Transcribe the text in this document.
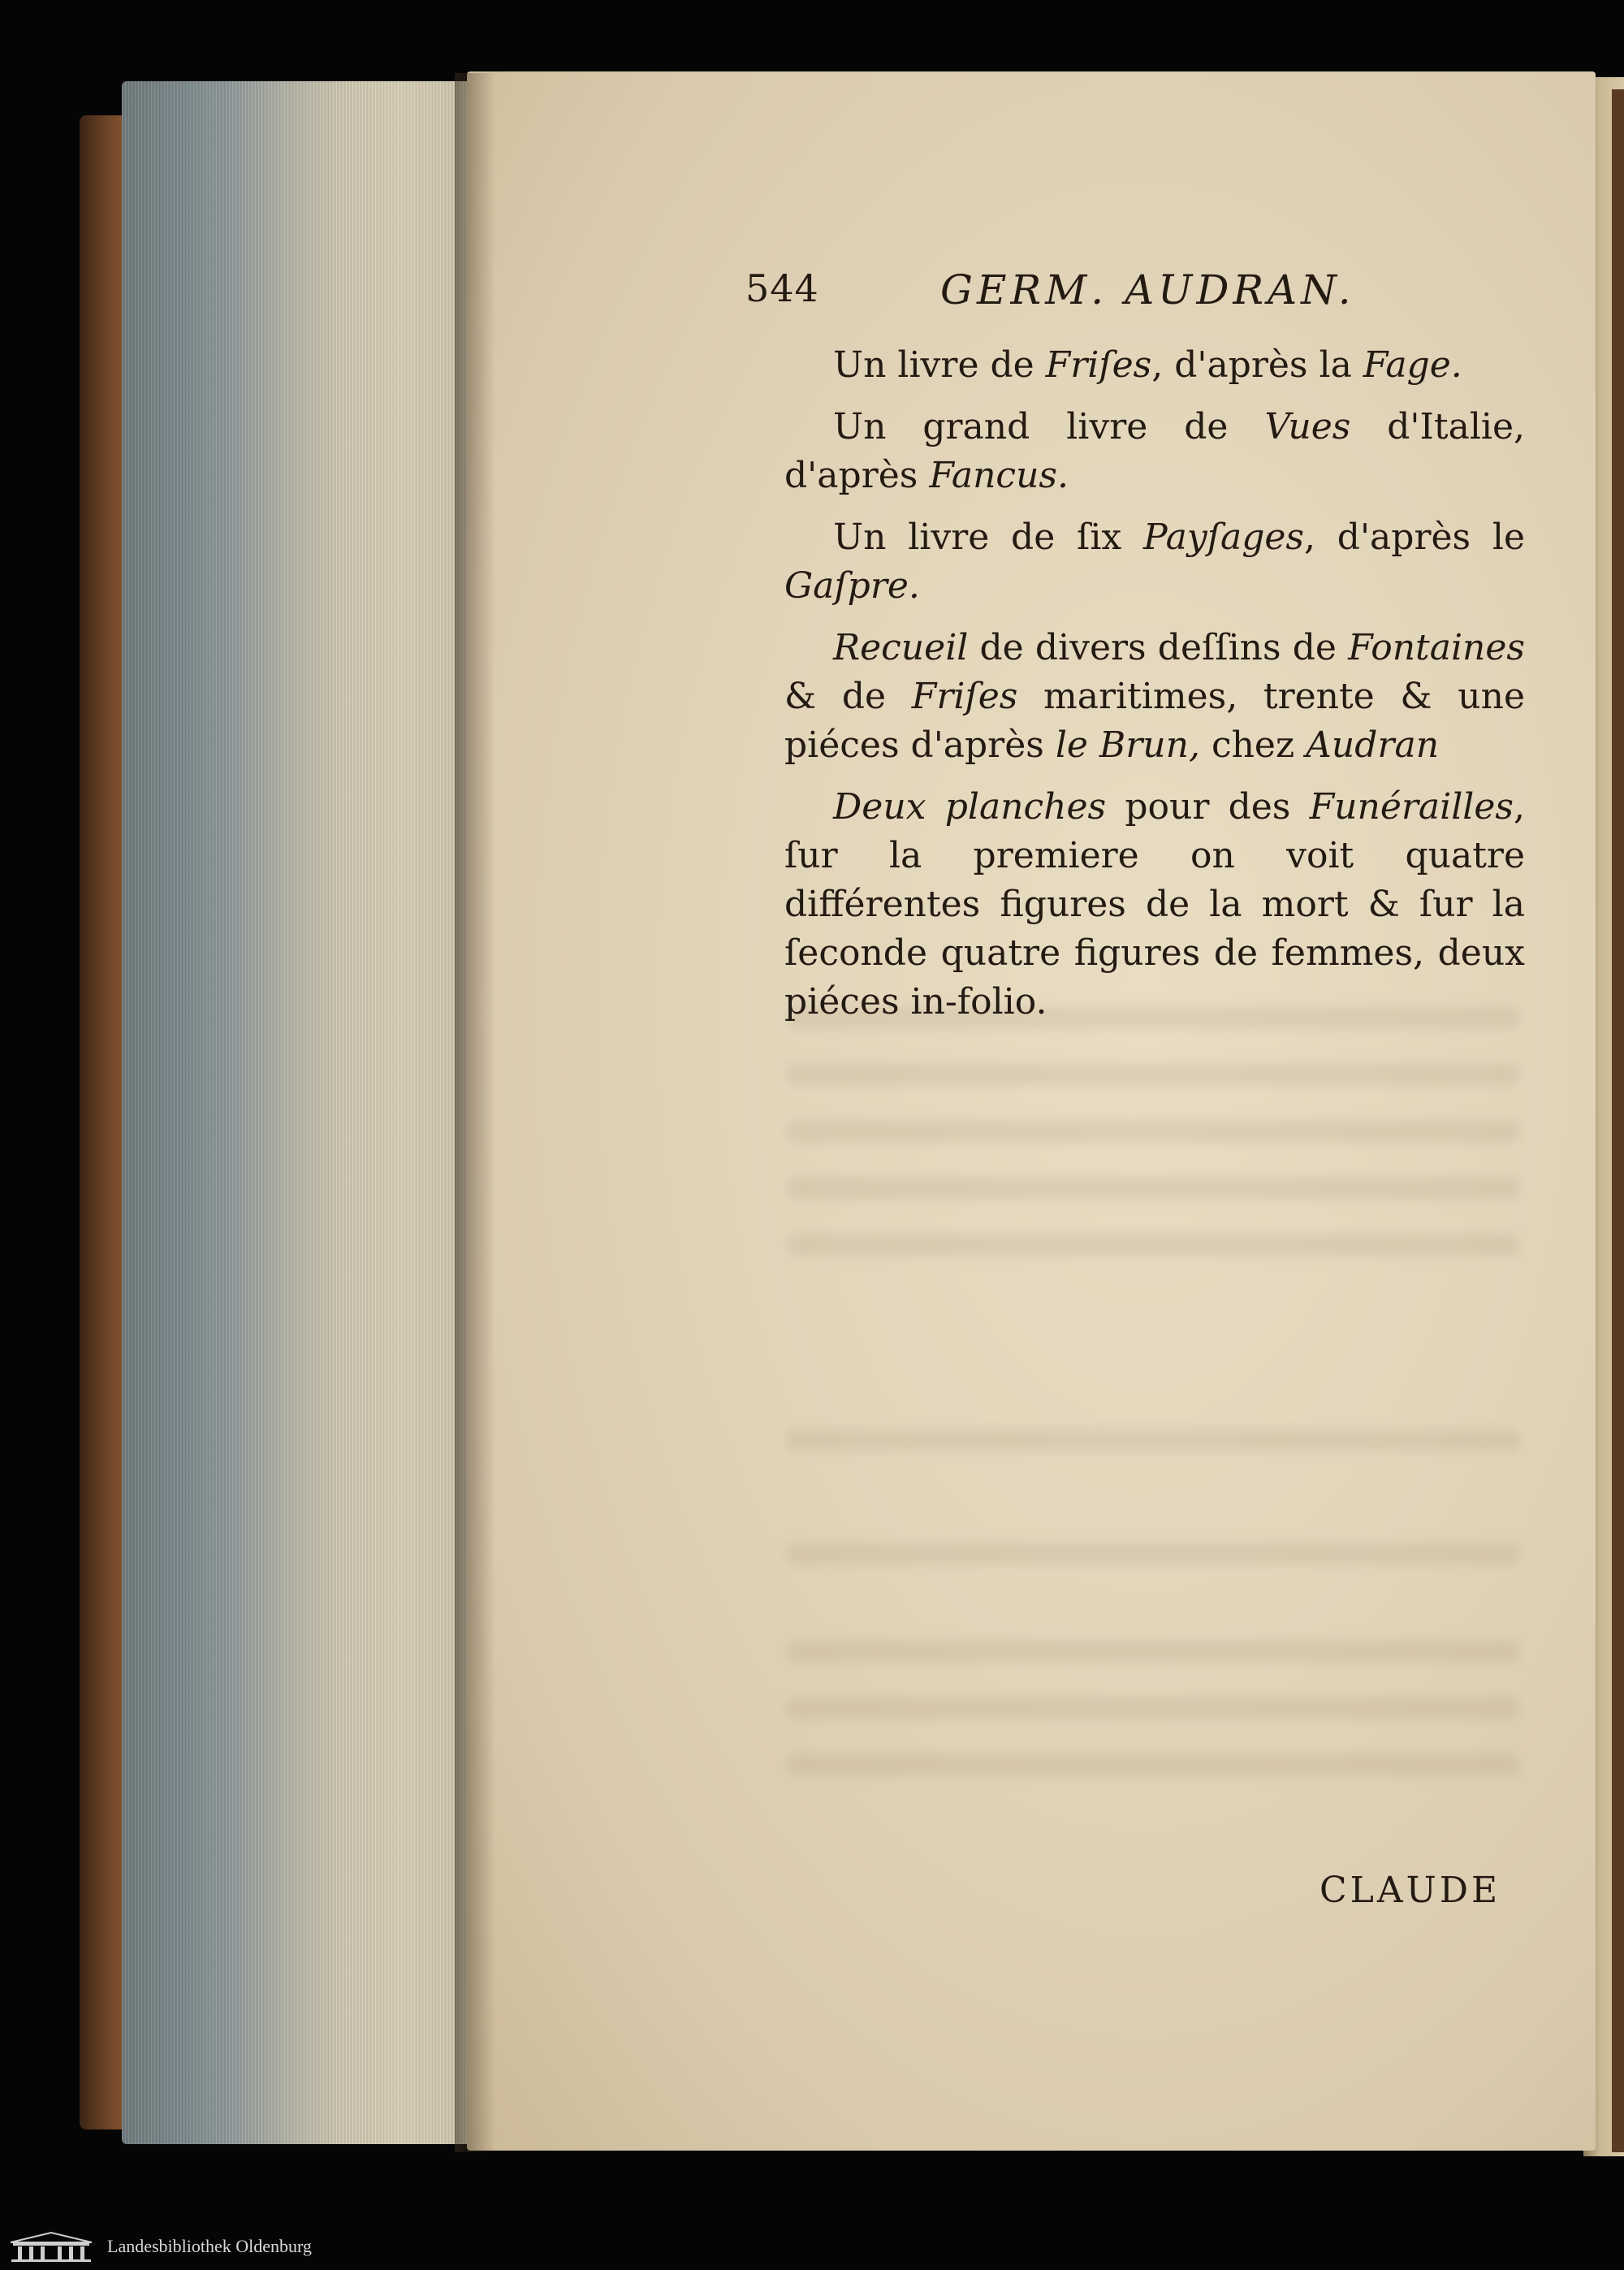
544	GERM. AUDRAN.

Un livre de Friſes, d'après la Fage.

Un grand livre de Vues d'Italie, d'après Fancus.

Un livre de ſix Payſages, d'après le Gaſpre.

Recueil de divers deſſins de Fontaines & de Friſes maritimes, trente & une piéces d'après le Brun, chez Audran

Deux planches pour des Funérailles, ſur la premiere on voit quatre différentes figures de la mort & ſur la ſeconde quatre figures de femmes, deux piéces in-folio.

CLAUDE
Landesbibliothek Oldenburg
